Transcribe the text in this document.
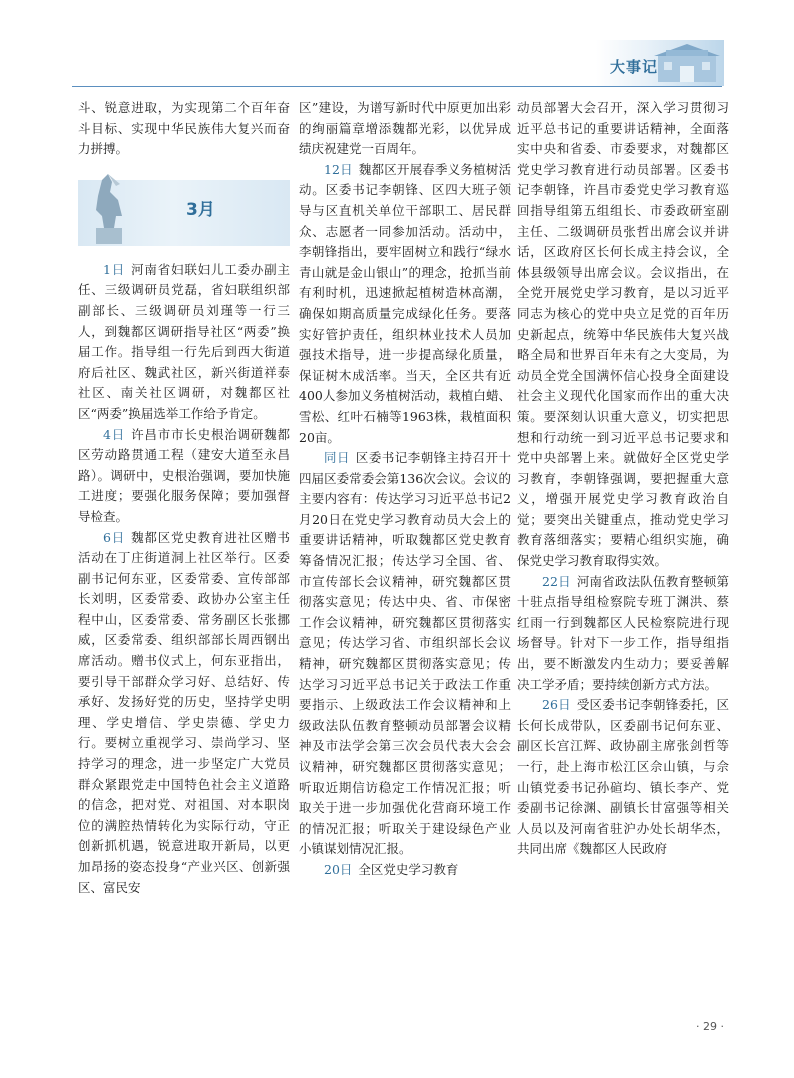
大事记

斗、锐意进取，为实现第二个百年奋斗目标、实现中华民族伟大复兴而奋力拼搏。

3月

1日 河南省妇联妇儿工委办副主任、三级调研员党磊，省妇联组织部副部长、三级调研员刘瑾等一行三人，到魏都区调研指导社区“两委”换届工作。指导组一行先后到西大街道府后社区、魏武社区，新兴街道祥泰社区、南关社区调研，对魏都区社区“两委”换届选举工作给予肯定。

4日 许昌市市长史根治调研魏都区劳动路贯通工程（建安大道至永昌路）。调研中，史根治强调，要加快施工进度；要强化服务保障；要加强督导检查。

6日 魏都区党史教育进社区赠书活动在丁庄街道洞上社区举行。区委副书记何东亚，区委常委、宣传部部长刘明，区委常委、政协办公室主任程中山，区委常委、常务副区长张挪威，区委常委、组织部部长周西钢出席活动。赠书仪式上，何东亚指出，要引导干部群众学习好、总结好、传承好、发扬好党的历史，坚持学史明理、学史增信、学史崇德、学史力行。要树立重视学习、崇尚学习、坚持学习的理念，进一步坚定广大党员群众紧跟党走中国特色社会主义道路的信念，把对党、对祖国、对本职岗位的满腔热情转化为实际行动，守正创新抓机遇，锐意进取开新局，以更加昂扬的姿态投身“产业兴区、创新强区、富民安

区”建设，为谱写新时代中原更加出彩的绚丽篇章增添魏都光彩，以优异成绩庆祝建党一百周年。

12日 魏都区开展春季义务植树活动。区委书记李朝锋、区四大班子领导与区直机关单位干部职工、居民群众、志愿者一同参加活动。活动中，李朝锋指出，要牢固树立和践行“绿水青山就是金山银山”的理念，抢抓当前有利时机，迅速掀起植树造林高潮，确保如期高质量完成绿化任务。要落实好管护责任，组织林业技术人员加强技术指导，进一步提高绿化质量，保证树木成活率。当天，全区共有近400人参加义务植树活动，栽植白蜡、雪松、红叶石楠等1963株，栽植面积20亩。

同日 区委书记李朝锋主持召开十四届区委常委会第136次会议。会议的主要内容有：传达学习习近平总书记2月20日在党史学习教育动员大会上的重要讲话精神，听取魏都区党史教育筹备情况汇报；传达学习全国、省、市宣传部长会议精神，研究魏都区贯彻落实意见；传达中央、省、市保密工作会议精神，研究魏都区贯彻落实意见；传达学习省、市组织部长会议精神，研究魏都区贯彻落实意见；传达学习习近平总书记关于政法工作重要指示、上级政法工作会议精神和上级政法队伍教育整顿动员部署会议精神及市法学会第三次会员代表大会会议精神，研究魏都区贯彻落实意见；听取近期信访稳定工作情况汇报；听取关于进一步加强优化营商环境工作的情况汇报；听取关于建设绿色产业小镇谋划情况汇报。

20日 全区党史学习教育

动员部署大会召开，深入学习贯彻习近平总书记的重要讲话精神，全面落实中央和省委、市委要求，对魏都区党史学习教育进行动员部署。区委书记李朝锋，许昌市委党史学习教育巡回指导组第五组组长、市委政研室副主任、二级调研员张哲出席会议并讲话，区政府区长何长成主持会议，全体县级领导出席会议。会议指出，在全党开展党史学习教育，是以习近平同志为核心的党中央立足党的百年历史新起点，统筹中华民族伟大复兴战略全局和世界百年未有之大变局，为动员全党全国满怀信心投身全面建设社会主义现代化国家而作出的重大决策。要深刻认识重大意义，切实把思想和行动统一到习近平总书记要求和党中央部署上来。就做好全区党史学习教育，李朝锋强调，要把握重大意义，增强开展党史学习教育政治自觉；要突出关键重点，推动党史学习教育落细落实；要精心组织实施，确保党史学习教育取得实效。

22日 河南省政法队伍教育整顿第十驻点指导组检察院专班丁渊洪、蔡红雨一行到魏都区人民检察院进行现场督导。针对下一步工作，指导组指出，要不断激发内生动力；要妥善解决工学矛盾；要持续创新方式方法。

26日 受区委书记李朝锋委托，区长何长成带队，区委副书记何东亚、副区长宫江辉、政协副主席张剑哲等一行，赴上海市松江区佘山镇，与佘山镇党委书记孙碹均、镇长李产、党委副书记徐渊、副镇长甘富强等相关人员以及河南省驻沪办处长胡华杰，共同出席《魏都区人民政府

· 29 ·
